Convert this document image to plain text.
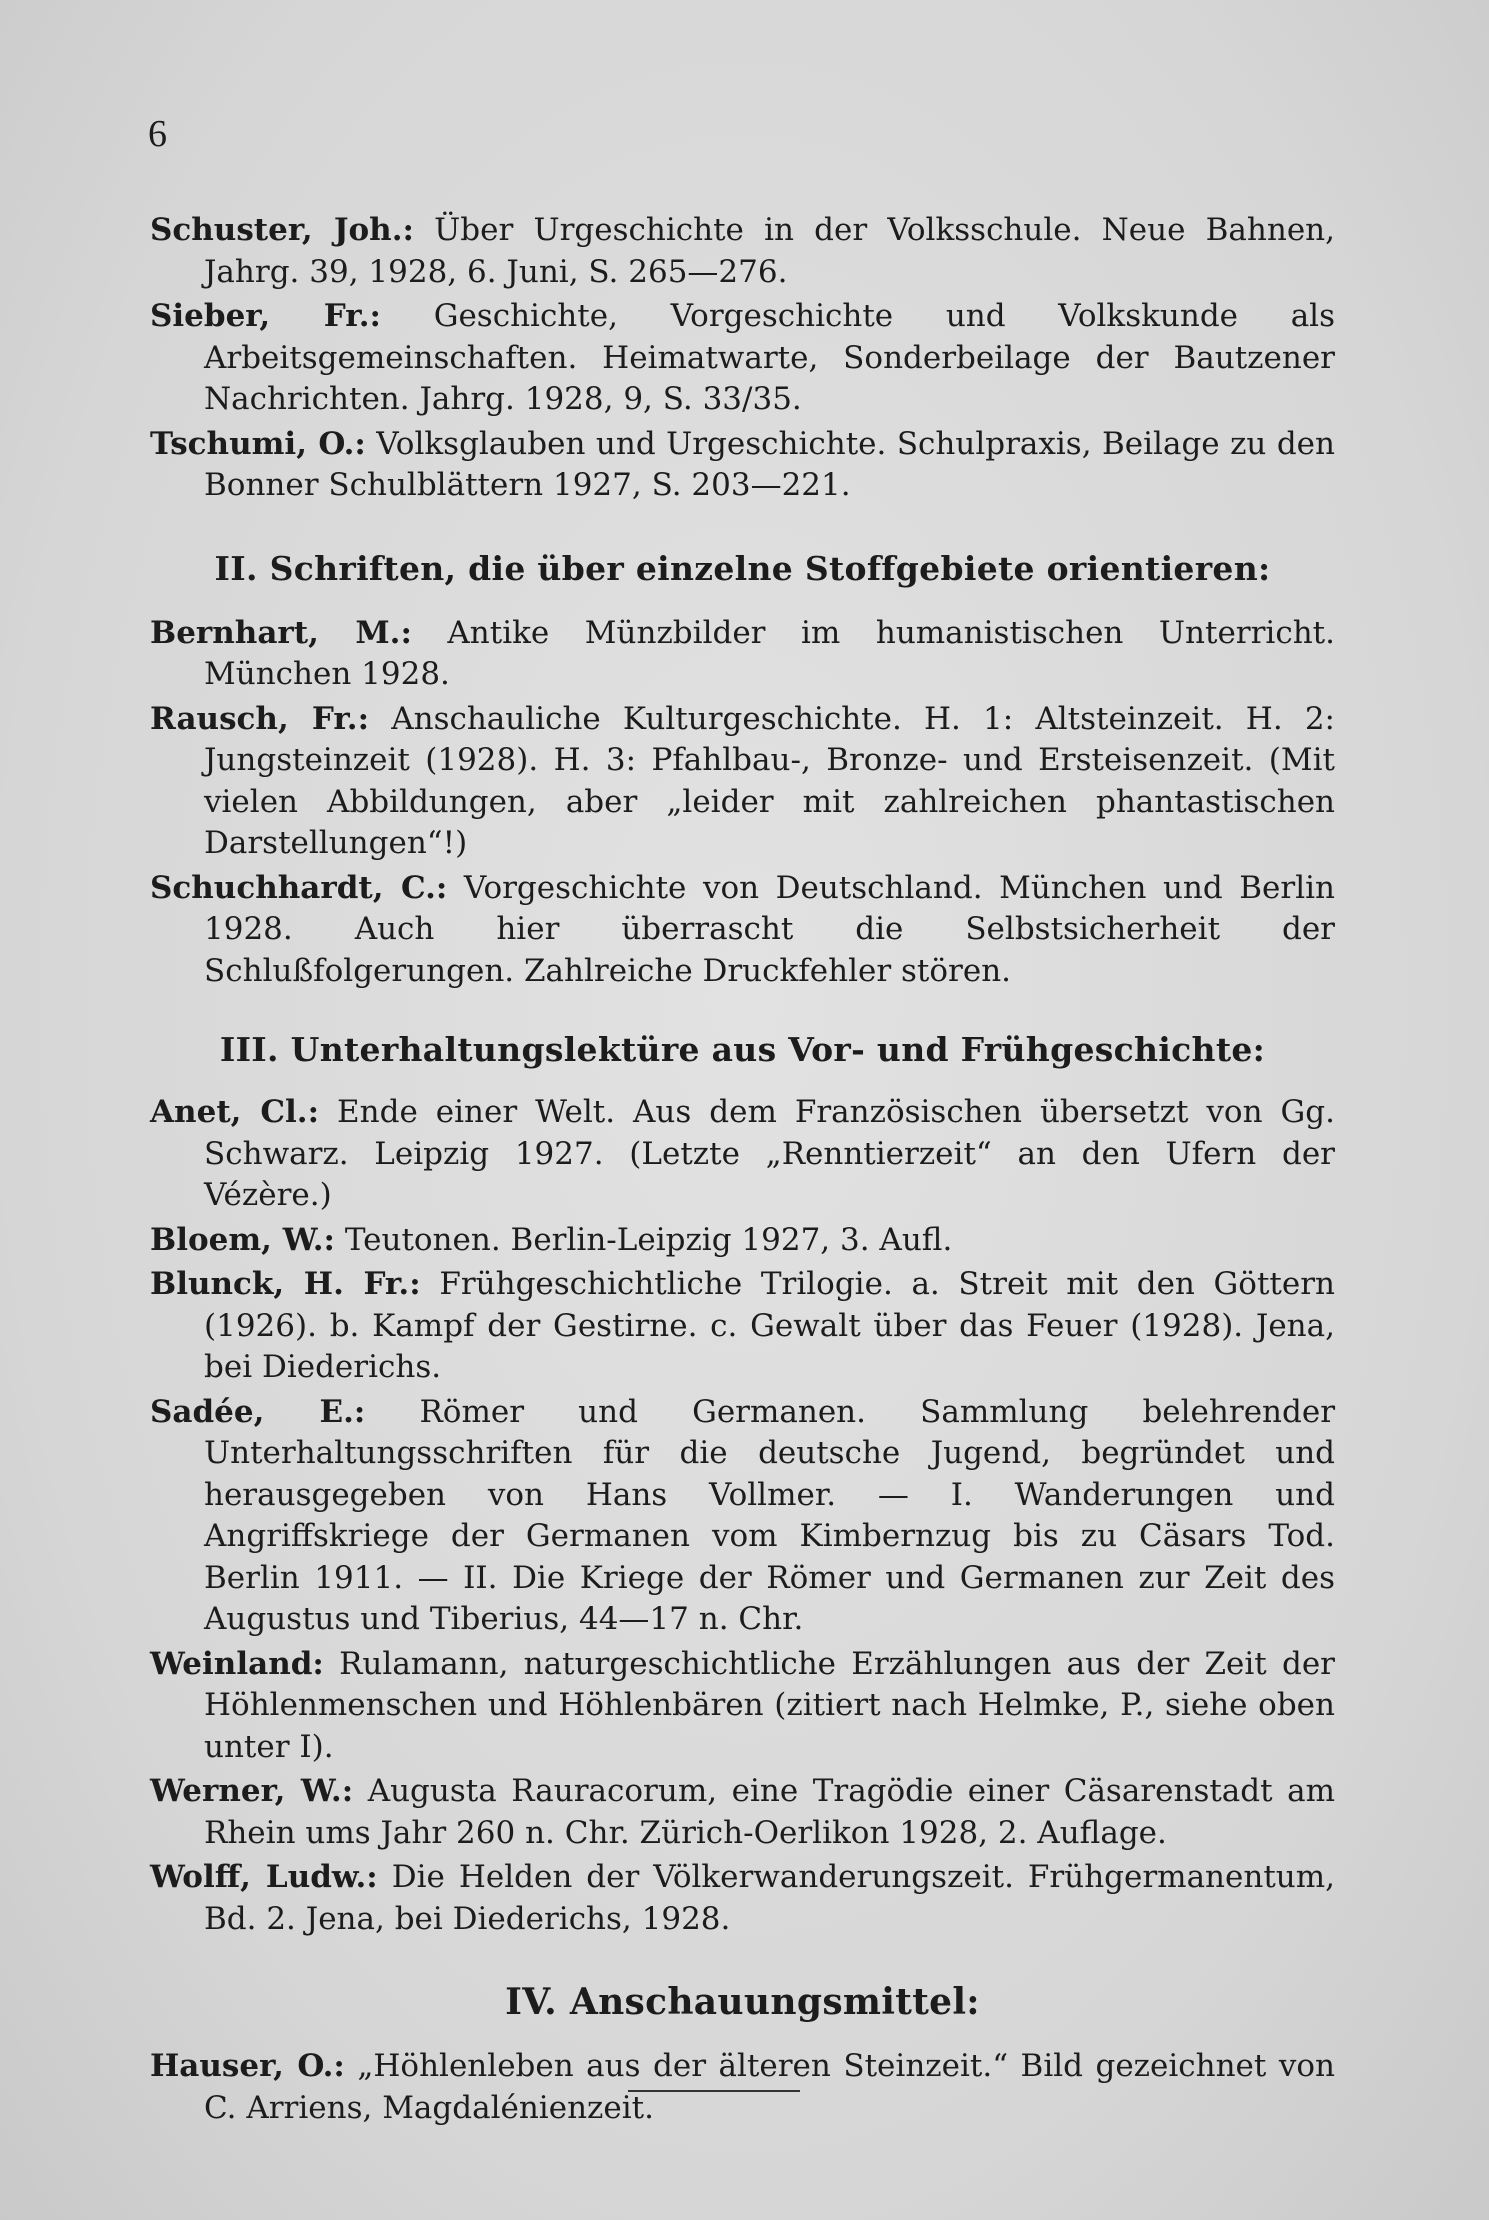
6

Schuster, Joh.: Über Urgeschichte in der Volksschule. Neue Bahnen, Jahrg. 39, 1928, 6. Juni, S. 265—276.

Sieber, Fr.: Geschichte, Vorgeschichte und Volkskunde als Arbeitsgemeinschaften. Heimatwarte, Sonderbeilage der Bautzener Nachrichten. Jahrg. 1928, 9, S. 33/35.

Tschumi, O.: Volksglauben und Urgeschichte. Schulpraxis, Beilage zu den Bonner Schulblättern 1927, S. 203—221.

II. Schriften, die über einzelne Stoffgebiete orientieren:

Bernhart, M.: Antike Münzbilder im humanistischen Unterricht. München 1928.

Rausch, Fr.: Anschauliche Kulturgeschichte. H. 1: Altsteinzeit. H. 2: Jungsteinzeit (1928). H. 3: Pfahlbau-, Bronze- und Ersteisenzeit. (Mit vielen Abbildungen, aber „leider mit zahlreichen phantastischen Darstellungen“!)

Schuchhardt, C.: Vorgeschichte von Deutschland. München und Berlin 1928. Auch hier überrascht die Selbstsicherheit der Schlußfolgerungen. Zahlreiche Druckfehler stören.

III. Unterhaltungslektüre aus Vor- und Frühgeschichte:

Anet, Cl.: Ende einer Welt. Aus dem Französischen übersetzt von Gg. Schwarz. Leipzig 1927. (Letzte „Renntierzeit“ an den Ufern der Vézère.)

Bloem, W.: Teutonen. Berlin-Leipzig 1927, 3. Aufl.

Blunck, H. Fr.: Frühgeschichtliche Trilogie. a. Streit mit den Göttern (1926). b. Kampf der Gestirne. c. Gewalt über das Feuer (1928). Jena, bei Diederichs.

Sadée, E.: Römer und Germanen. Sammlung belehrender Unterhaltungsschriften für die deutsche Jugend, begründet und herausgegeben von Hans Vollmer. — I. Wanderungen und Angriffskriege der Germanen vom Kimbernzug bis zu Cäsars Tod. Berlin 1911. — II. Die Kriege der Römer und Germanen zur Zeit des Augustus und Tiberius, 44—17 n. Chr.

Weinland: Rulamann, naturgeschichtliche Erzählungen aus der Zeit der Höhlenmenschen und Höhlenbären (zitiert nach Helmke, P., siehe oben unter I).

Werner, W.: Augusta Rauracorum, eine Tragödie einer Cäsarenstadt am Rhein ums Jahr 260 n. Chr. Zürich-Oerlikon 1928, 2. Auflage.

Wolff, Ludw.: Die Helden der Völkerwanderungszeit. Frühgermanentum, Bd. 2. Jena, bei Diederichs, 1928.

IV. Anschauungsmittel:

Hauser, O.: „Höhlenleben aus der älteren Steinzeit.“ Bild gezeichnet von C. Arriens, Magdalénienzeit.
